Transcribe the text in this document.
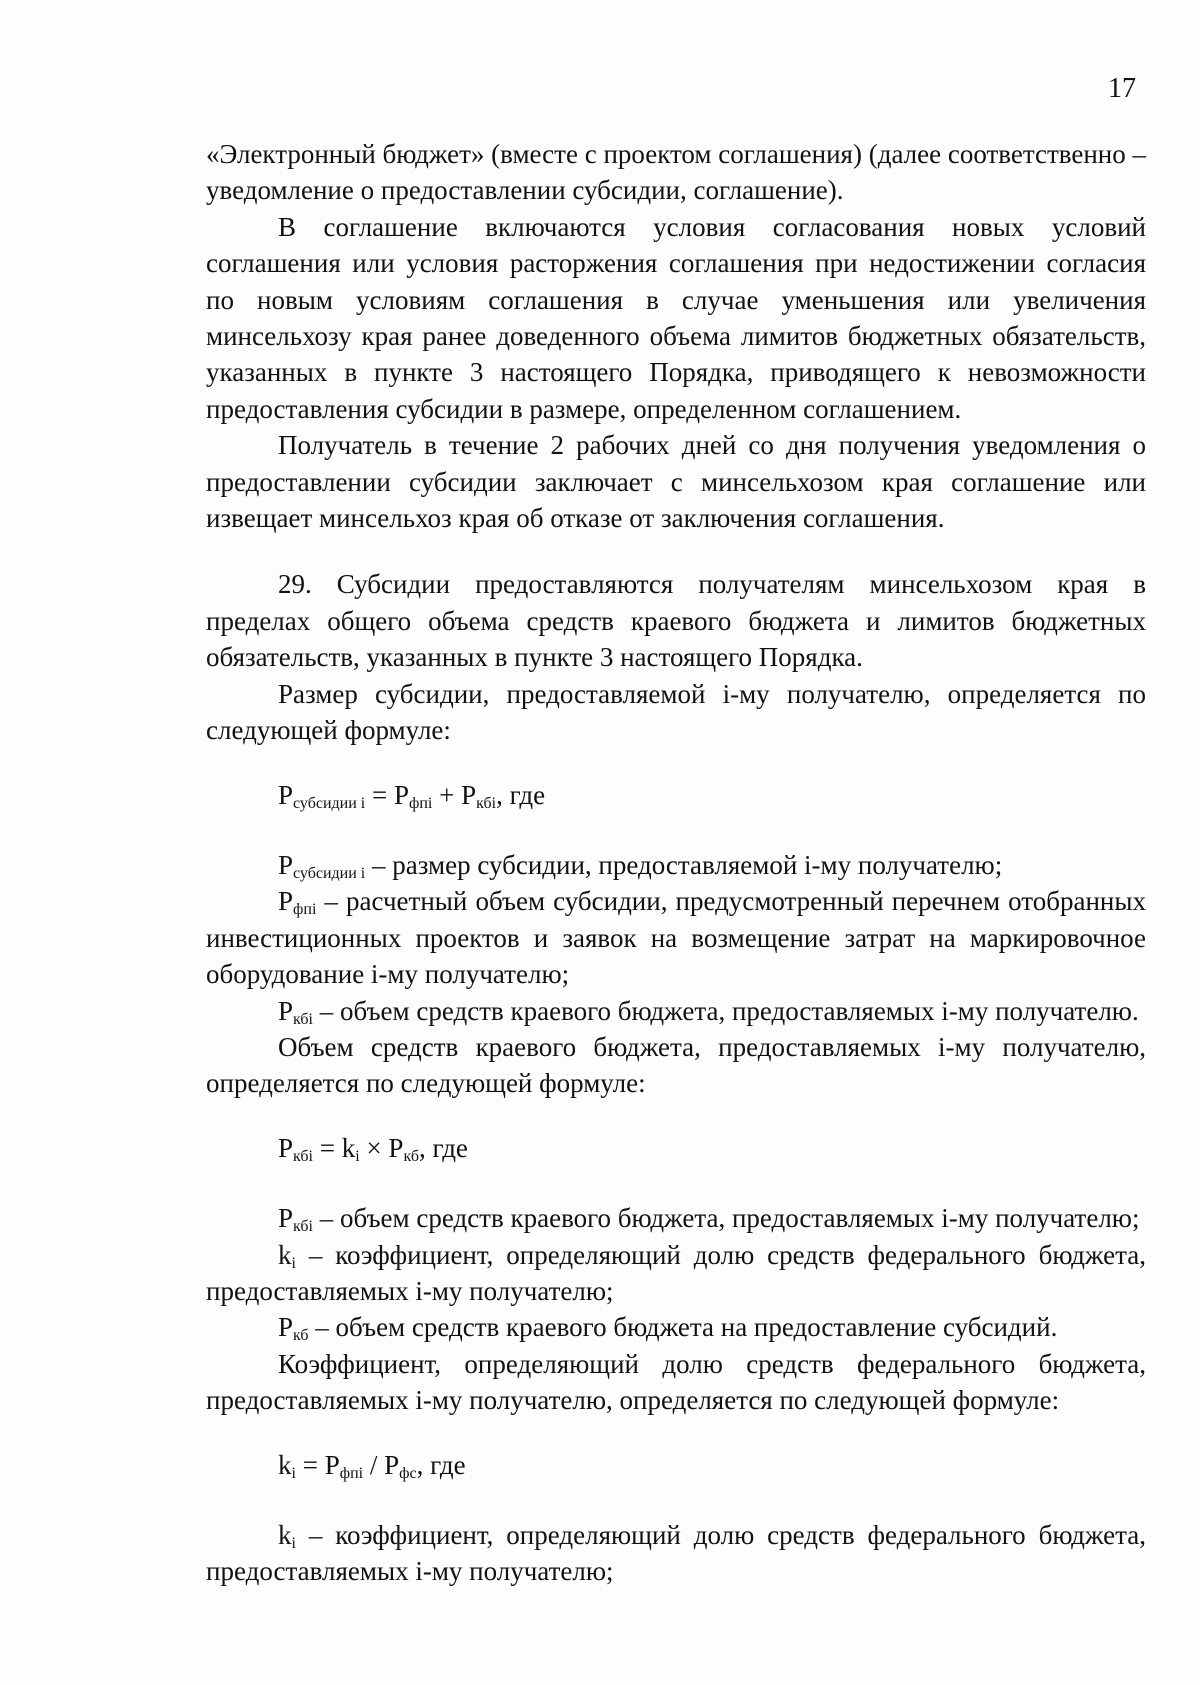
17

«Электронный бюджет» (вместе с проектом соглашения) (далее соответственно – уведомление о предоставлении субсидии, соглашение).

В соглашение включаются условия согласования новых условий соглашения или условия расторжения соглашения при недостижении согласия по новым условиям соглашения в случае уменьшения или увеличения минсельхозу края ранее доведенного объема лимитов бюджетных обязательств, указанных в пункте 3 настоящего Порядка, приводящего к невозможности предоставления субсидии в размере, определенном соглашением.

Получатель в течение 2 рабочих дней со дня получения уведомления о предоставлении субсидии заключает с минсельхозом края соглашение или извещает минсельхоз края об отказе от заключения соглашения.

29. Субсидии предоставляются получателям минсельхозом края в пределах общего объема средств краевого бюджета и лимитов бюджетных обязательств, указанных в пункте 3 настоящего Порядка.

Размер субсидии, предоставляемой i-му получателю, определяется по следующей формуле:

$Р_{субсидии i} = Р_{фпi} + Р_{кбi}$, где

$Р_{субсидии i}$ – размер субсидии, предоставляемой i-му получателю;

$Р_{фпi}$ – расчетный объем субсидии, предусмотренный перечнем отобранных инвестиционных проектов и заявок на возмещение затрат на маркировочное оборудование i-му получателю;

$Р_{кбi}$ – объем средств краевого бюджета, предоставляемых i-му получателю.

Объем средств краевого бюджета, предоставляемых i-му получателю, определяется по следующей формуле:

$Р_{кбi} = k_i \times Р_{кб}$, где

$Р_{кбi}$ – объем средств краевого бюджета, предоставляемых i-му получателю;

$k_i$ – коэффициент, определяющий долю средств федерального бюджета, предоставляемых i-му получателю;

$Р_{кб}$ – объем средств краевого бюджета на предоставление субсидий.

Коэффициент, определяющий долю средств федерального бюджета, предоставляемых i-му получателю, определяется по следующей формуле:

$k_i = Р_{фпi} / Р_{фс}$, где

$k_i$ – коэффициент, определяющий долю средств федерального бюджета, предоставляемых i-му получателю;
